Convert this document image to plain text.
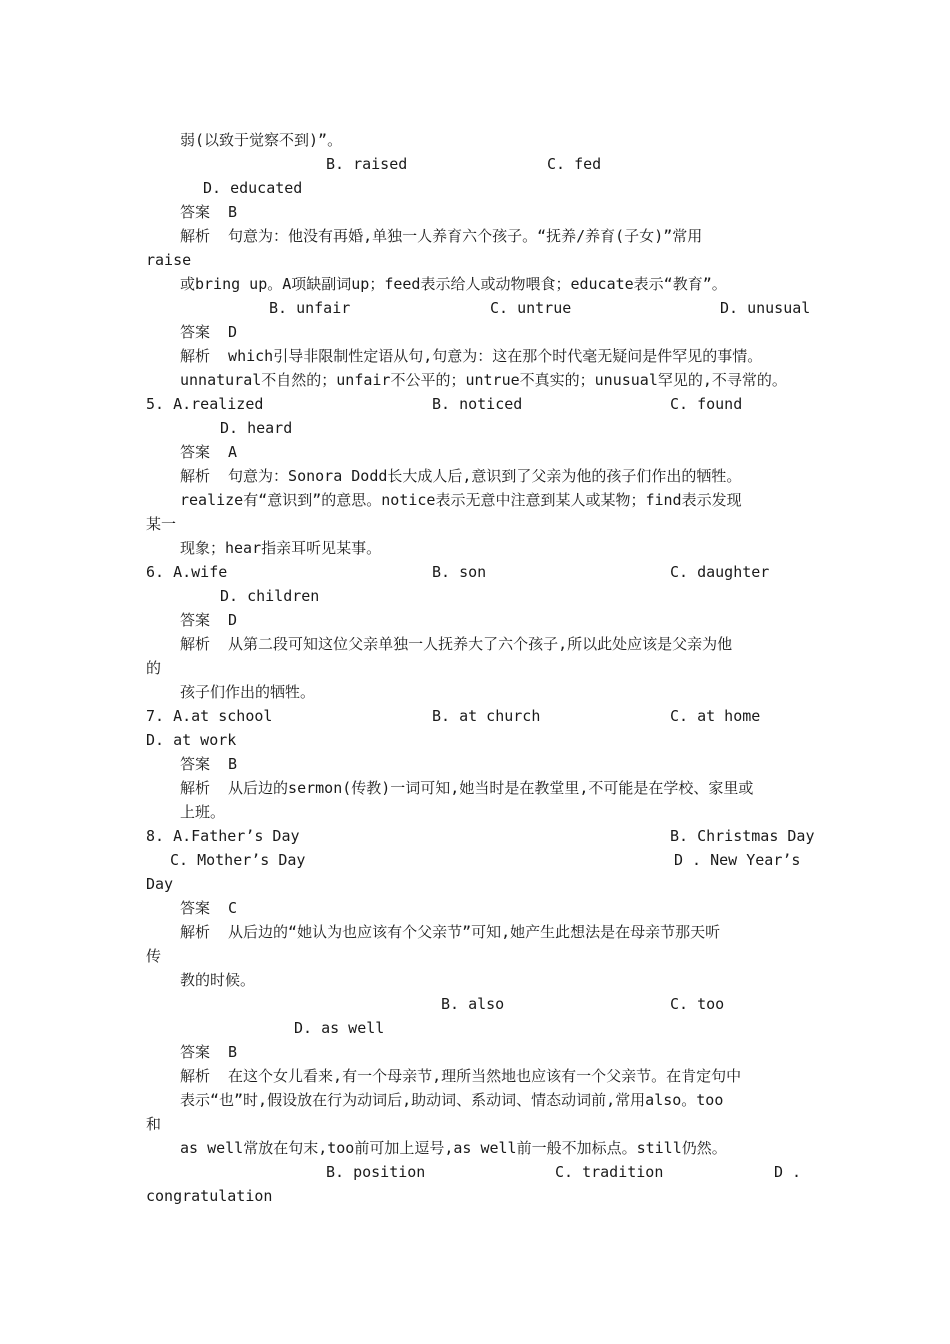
弱(以致于觉察不到)”。
B. raised	C. fed
D. educated
答案  B
解析  句意为：他没有再婚,单独一人养育六个孩子。“抚养/养育(子女)”常用
raise
或bring up。A项缺副词up；feed表示给人或动物喂食；educate表示“教育”。
B. unfair	C. untrue	D. unusual
答案  D
解析  which引导非限制性定语从句,句意为：这在那个时代毫无疑问是件罕见的事情。
unnatural不自然的；unfair不公平的；untrue不真实的；unusual罕见的,不寻常的。
5. A.realized	B. noticed	C. found
D. heard
答案  A
解析  句意为：Sonora Dodd长大成人后,意识到了父亲为他的孩子们作出的牺牲。
realize有“意识到”的意思。notice表示无意中注意到某人或某物；find表示发现
某一
现象；hear指亲耳听见某事。
6. A.wife	B. son	C. daughter
D. children
答案  D
解析  从第二段可知这位父亲单独一人抚养大了六个孩子,所以此处应该是父亲为他
的
孩子们作出的牺牲。
7. A.at school	B. at church	C. at home
D. at work
答案  B
解析  从后边的sermon(传教)一词可知,她当时是在教堂里,不可能是在学校、家里或
上班。
8. A.Father’s Day	B. Christmas Day
C. Mother’s Day	D . New Year’s
Day
答案  C
解析  从后边的“她认为也应该有个父亲节”可知,她产生此想法是在母亲节那天听
传
教的时候。
B. also	C. too
D. as well
答案  B
解析  在这个女儿看来,有一个母亲节,理所当然地也应该有一个父亲节。在肯定句中
表示“也”时,假设放在行为动词后,助动词、系动词、情态动词前,常用also。too
和
as well常放在句末,too前可加上逗号,as well前一般不加标点。still仍然。
B. position	C. tradition	D .
congratulation
